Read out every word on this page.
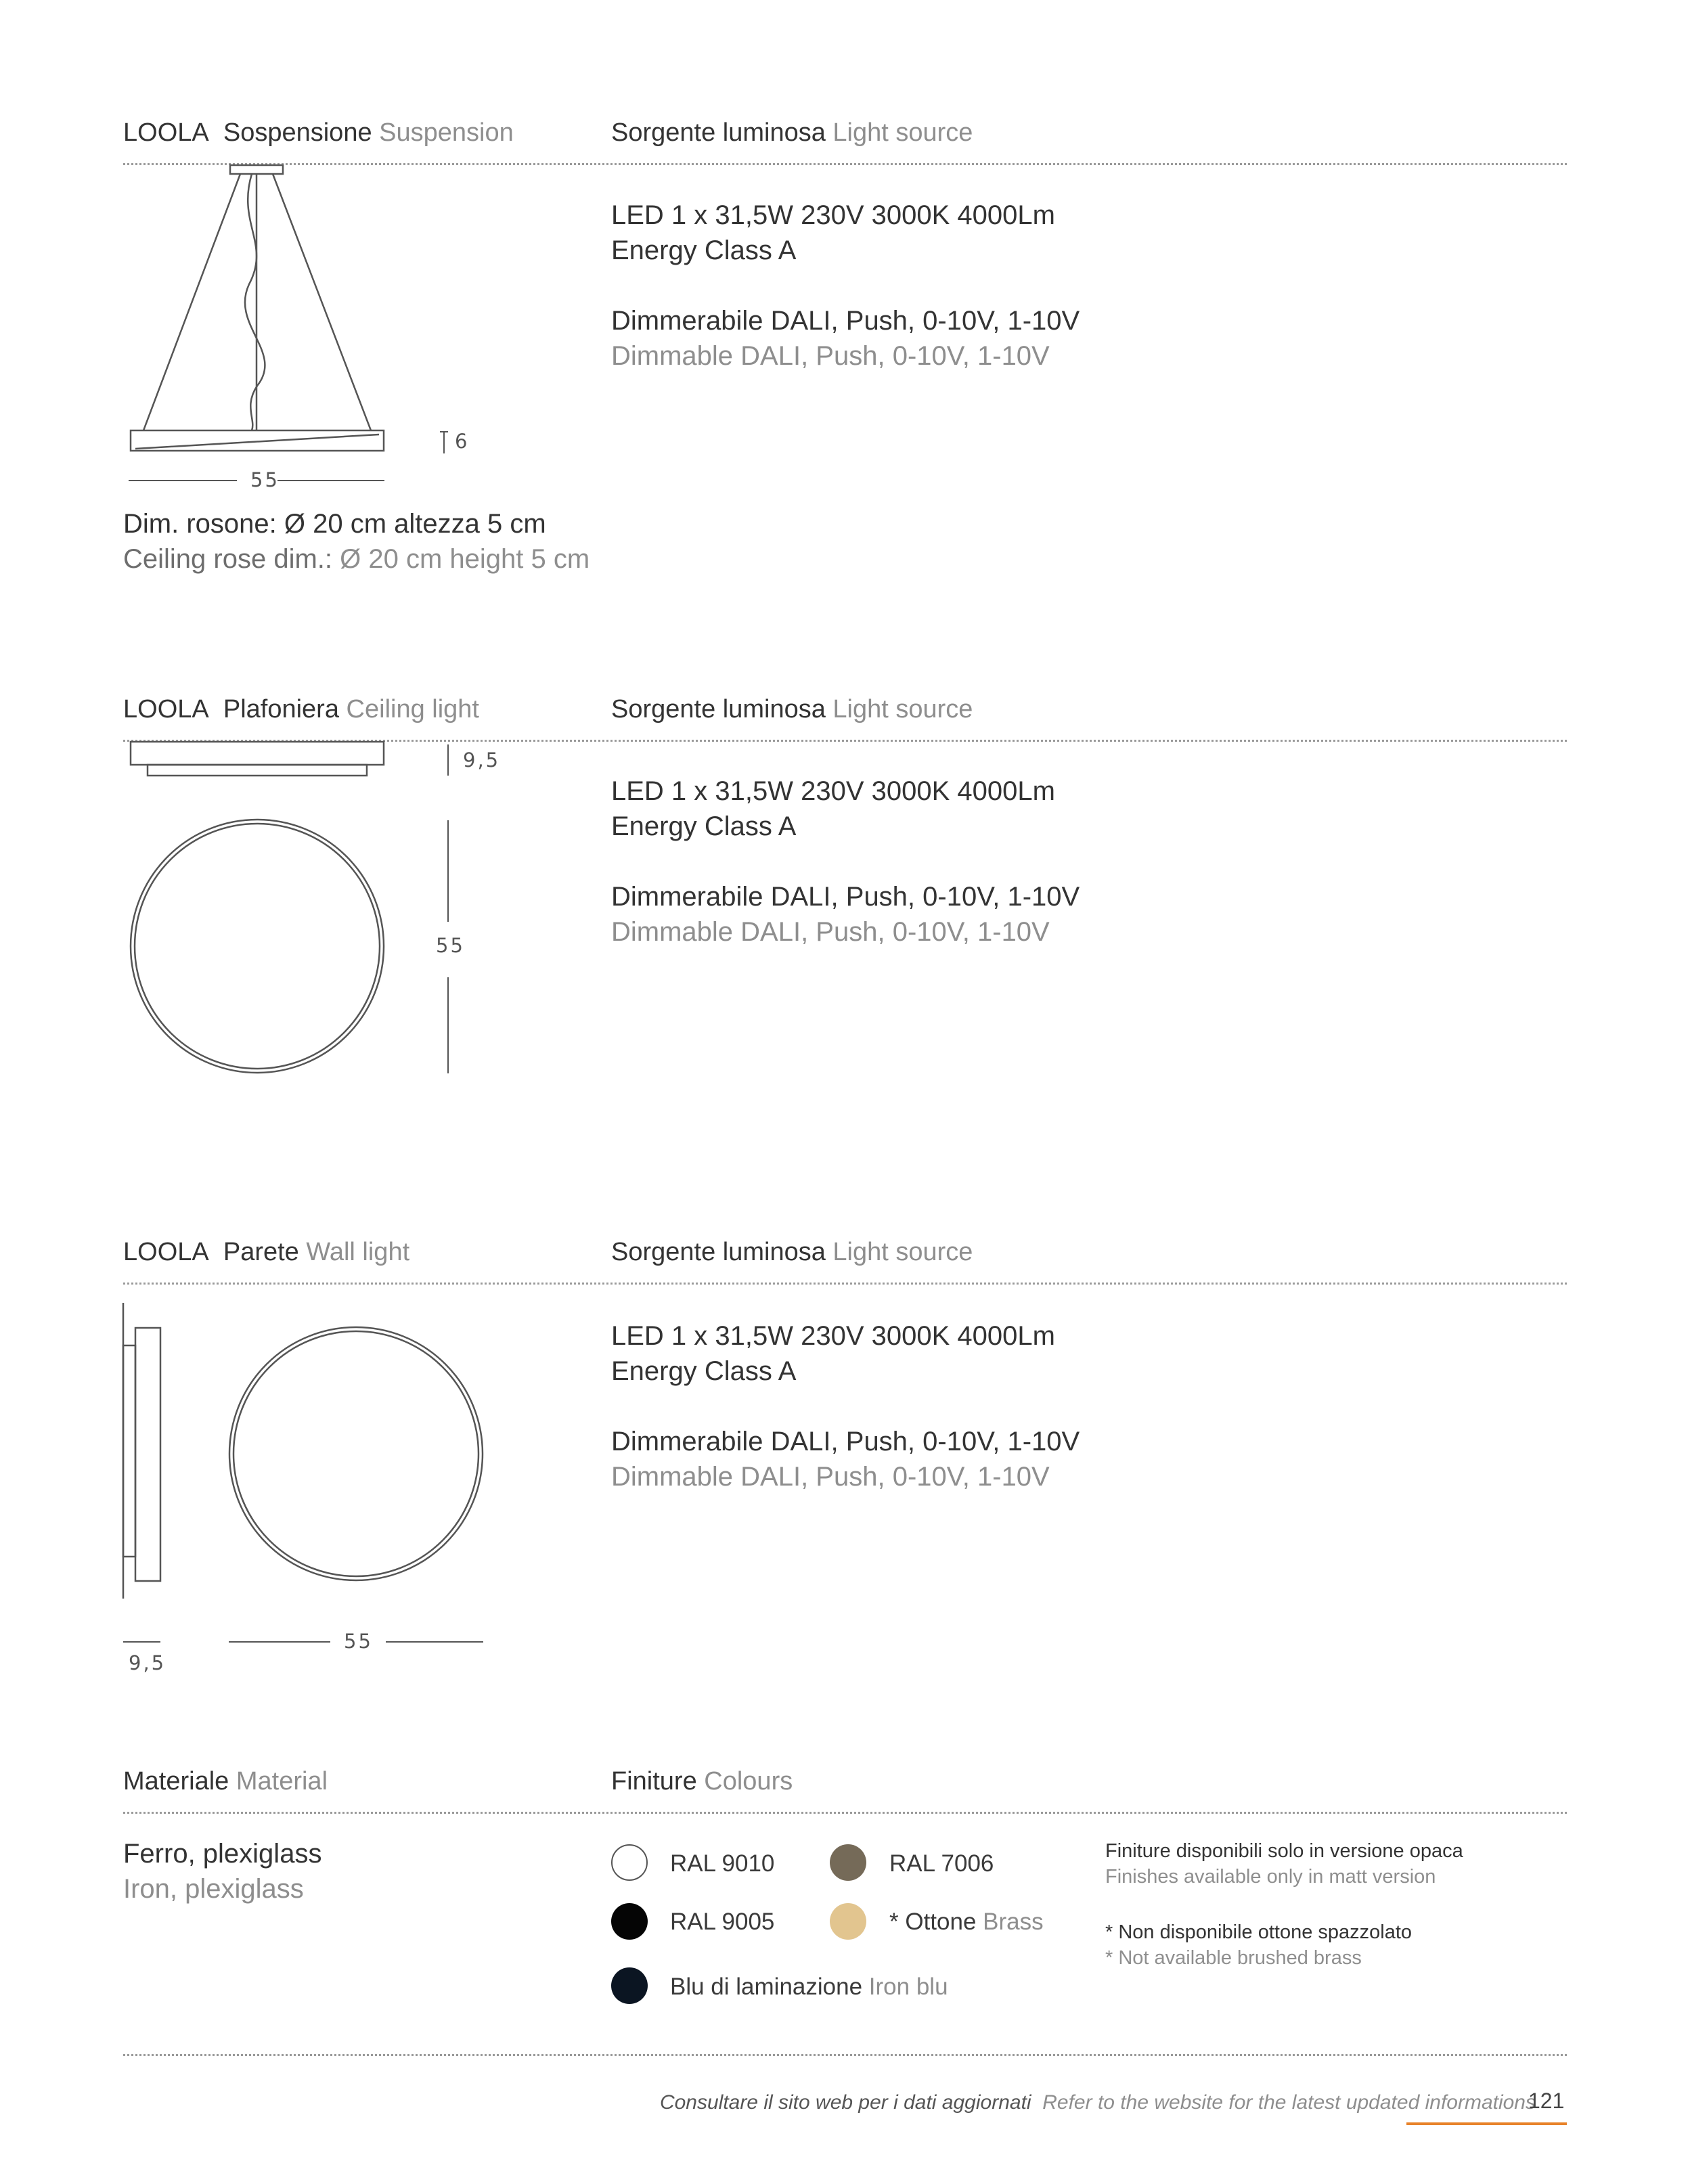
LOOLA Sospensione Suspension	Sorgente luminosa Light source
LED 1 x 31,5W 230V 3000K 4000Lm
Energy Class A
Dimmerabile DALI, Push, 0-10V, 1-10V
Dimmable DALI, Push, 0-10V, 1-10V
6
55
Dim. rosone: Ø 20 cm altezza 5 cm
Ceiling rose dim.: Ø 20 cm height 5 cm
LOOLA Plafoniera Ceiling light	Sorgente luminosa Light source
LED 1 x 31,5W 230V 3000K 4000Lm
Energy Class A
Dimmerabile DALI, Push, 0-10V, 1-10V
Dimmable DALI, Push, 0-10V, 1-10V
9,5
55
LOOLA Parete Wall light	Sorgente luminosa Light source
LED 1 x 31,5W 230V 3000K 4000Lm
Energy Class A
Dimmerabile DALI, Push, 0-10V, 1-10V
Dimmable DALI, Push, 0-10V, 1-10V
9,5
55
Materiale Material	Finiture Colours
Ferro, plexiglass
Iron, plexiglass
RAL 9010	RAL 7006
RAL 9005	* Ottone Brass
Blu di laminazione Iron blu
Finiture disponibili solo in versione opaca
Finishes available only in matt version
* Non disponibile ottone spazzolato
* Not available brushed brass
Consultare il sito web per i dati aggiornati Refer to the website for the latest updated informations
121
